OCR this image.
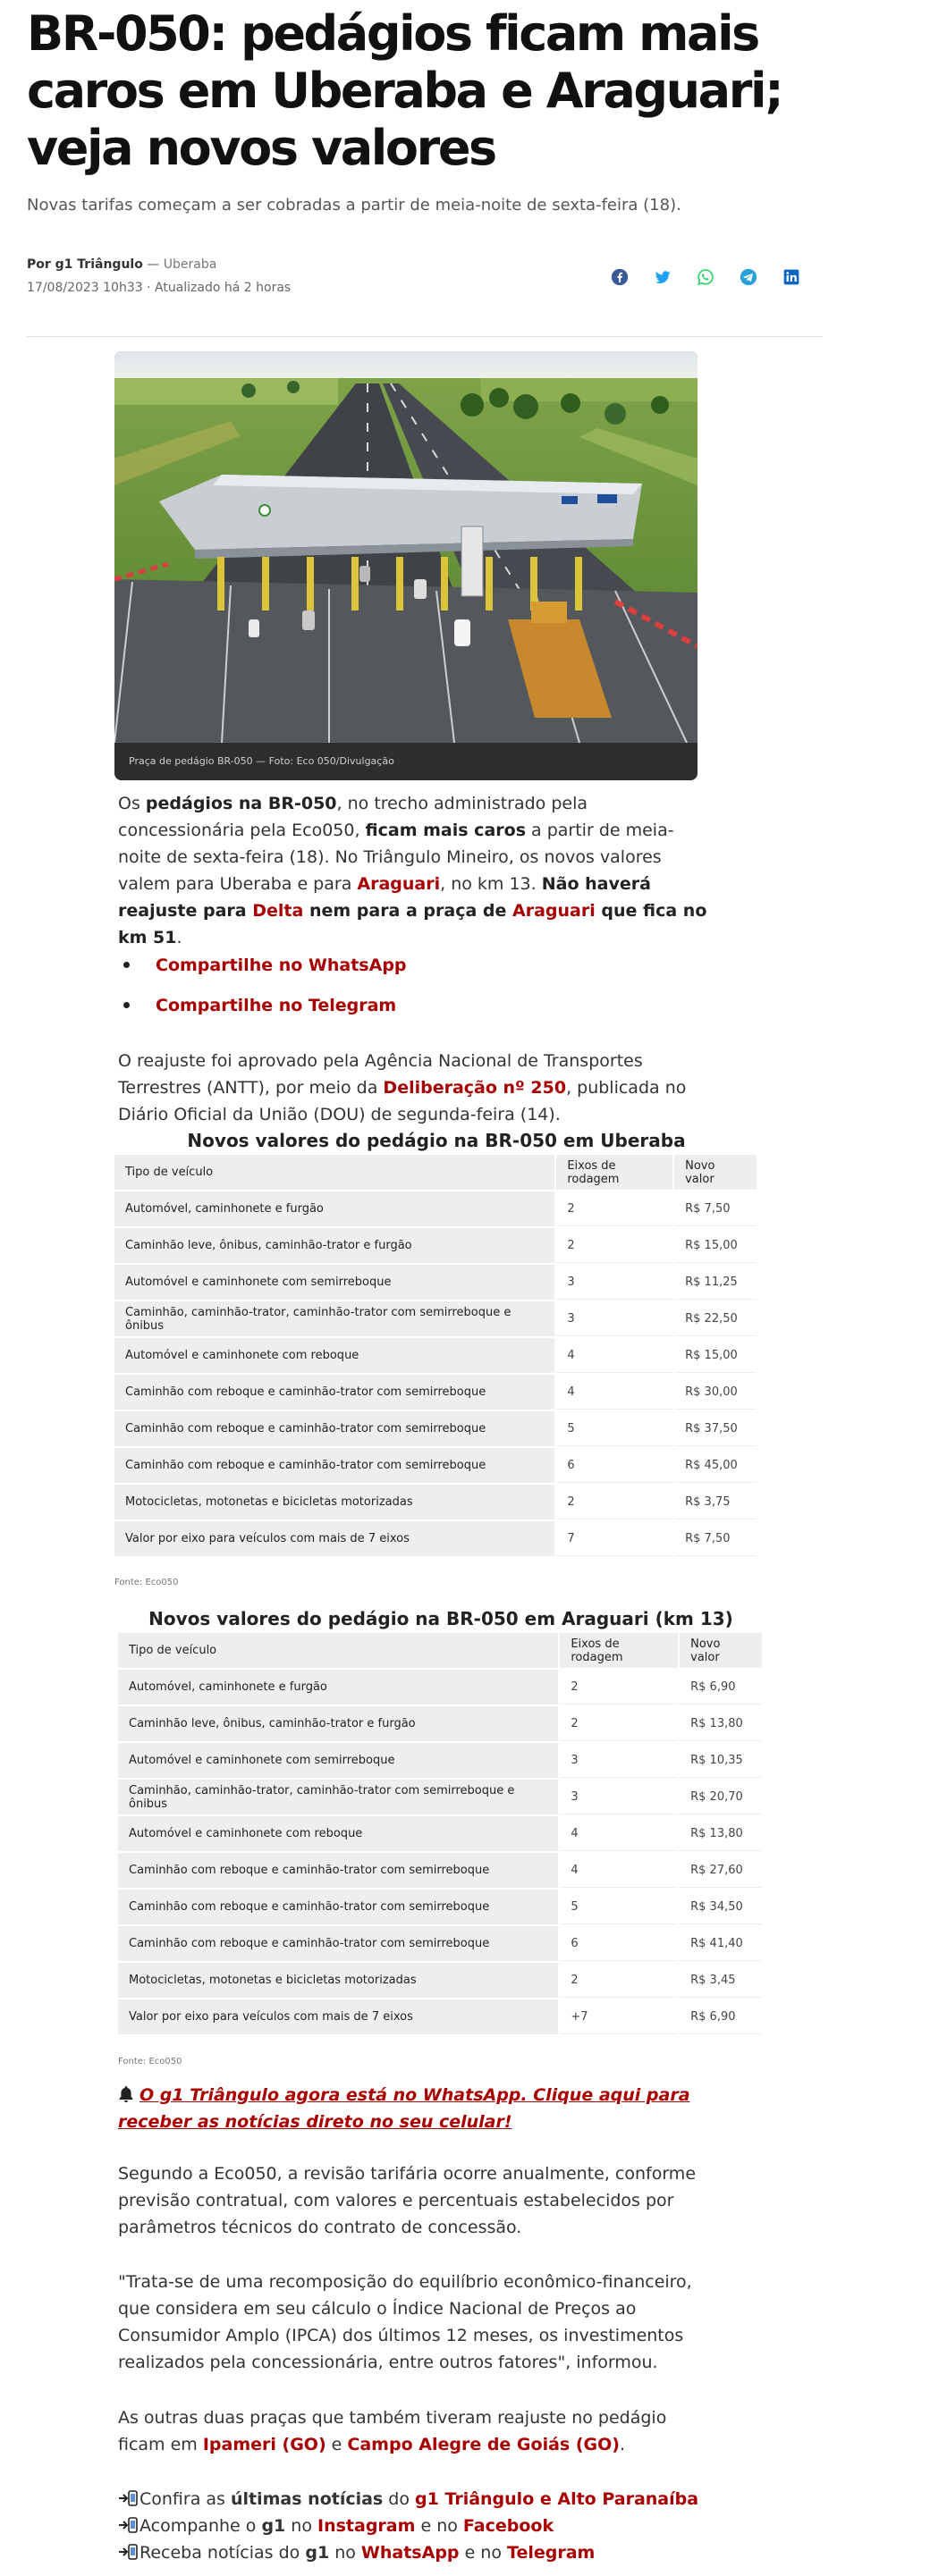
BR-050: pedágios ficam mais caros em Uberaba e Araguari; veja novos valores

Novas tarifas começam a ser cobradas a partir de meia-noite de sexta-feira (18).

Por g1 Triângulo — Uberaba
17/08/2023 10h33 · Atualizado há 2 horas
Praça de pedágio BR-050 — Foto: Eco 050/Divulgação

Os pedágios na BR-050, no trecho administrado pela concessionária pela Eco050, ficam mais caros a partir de meia-noite de sexta-feira (18). No Triângulo Mineiro, os novos valores valem para Uberaba e para Araguari, no km 13. Não haverá reajuste para Delta nem para a praça de Araguari que fica no km 51.

Compartilhe no WhatsApp
Compartilhe no Telegram

O reajuste foi aprovado pela Agência Nacional de Transportes Terrestres (ANTT), por meio da Deliberação nº 250, publicada no Diário Oficial da União (DOU) de segunda-feira (14).

Novos valores do pedágio na BR-050 em Uberaba
Tipo de veículo	Eixos de rodagem	Novo valor
Automóvel, caminhonete e furgão	2	R$ 7,50
Caminhão leve, ônibus, caminhão-trator e furgão	2	R$ 15,00
Automóvel e caminhonete com semirreboque	3	R$ 11,25
Caminhão, caminhão-trator, caminhão-trator com semirreboque e ônibus	3	R$ 22,50
Automóvel e caminhonete com reboque	4	R$ 15,00
Caminhão com reboque e caminhão-trator com semirreboque	4	R$ 30,00
Caminhão com reboque e caminhão-trator com semirreboque	5	R$ 37,50
Caminhão com reboque e caminhão-trator com semirreboque	6	R$ 45,00
Motocicletas, motonetas e bicicletas motorizadas	2	R$ 3,75
Valor por eixo para veículos com mais de 7 eixos	7	R$ 7,50
Fonte: Eco050
Novos valores do pedágio na BR-050 em Araguari (km 13)
Tipo de veículo	Eixos de rodagem	Novo valor
Automóvel, caminhonete e furgão	2	R$ 6,90
Caminhão leve, ônibus, caminhão-trator e furgão	2	R$ 13,80
Automóvel e caminhonete com semirreboque	3	R$ 10,35
Caminhão, caminhão-trator, caminhão-trator com semirreboque e ônibus	3	R$ 20,70
Automóvel e caminhonete com reboque	4	R$ 13,80
Caminhão com reboque e caminhão-trator com semirreboque	4	R$ 27,60
Caminhão com reboque e caminhão-trator com semirreboque	5	R$ 34,50
Caminhão com reboque e caminhão-trator com semirreboque	6	R$ 41,40
Motocicletas, motonetas e bicicletas motorizadas	2	R$ 3,45
Valor por eixo para veículos com mais de 7 eixos	+7	R$ 6,90
Fonte: Eco050
O g1 Triângulo agora está no WhatsApp. Clique aqui para receber as notícias direto no seu celular!

Segundo a Eco050, a revisão tarifária ocorre anualmente, conforme previsão contratual, com valores e percentuais estabelecidos por parâmetros técnicos do contrato de concessão.

"Trata-se de uma recomposição do equilíbrio econômico-financeiro, que considera em seu cálculo o Índice Nacional de Preços ao Consumidor Amplo (IPCA) dos últimos 12 meses, os investimentos realizados pela concessionária, entre outros fatores", informou.

As outras duas praças que também tiveram reajuste no pedágio ficam em Ipameri (GO) e Campo Alegre de Goiás (GO).

Confira as últimas notícias do g1 Triângulo e Alto Paranaíba
Acompanhe o g1 no Instagram e no Facebook
Receba notícias do g1 no WhatsApp e no Telegram
